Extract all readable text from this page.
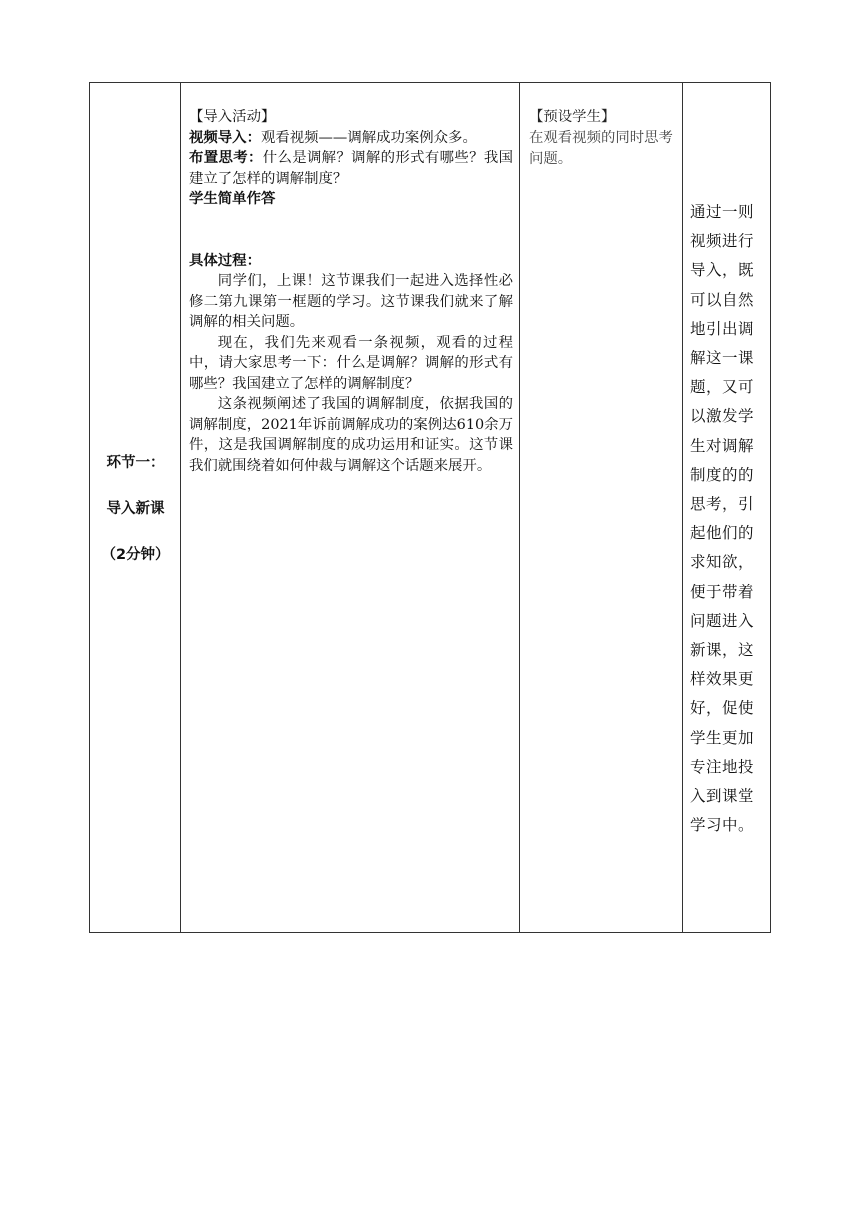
环节一：
导入新课
（2分钟）
【导入活动】
视频导入：观看视频——调解成功案例众多。
布置思考：什么是调解？调解的形式有哪些？我国建立了怎样的调解制度？
学生简单作答
具体过程：
同学们，上课！这节课我们一起进入选择性必修二第九课第一框题的学习。这节课我们就来了解调解的相关问题。
现在，我们先来观看一条视频，观看的过程中，请大家思考一下：什么是调解？调解的形式有哪些？我国建立了怎样的调解制度？
这条视频阐述了我国的调解制度，依据我国的调解制度，2021年诉前调解成功的案例达610余万件，这是我国调解制度的成功运用和证实。这节课我们就围绕着如何仲裁与调解这个话题来展开。
【预设学生】
在观看视频的同时思考问题。
通过一则视频进行导入，既可以自然地引出调解这一课题，又可以激发学生对调解制度的的思考，引起他们的求知欲，便于带着问题进入新课，这样效果更好，促使学生更加专注地投入到课堂学习中。
